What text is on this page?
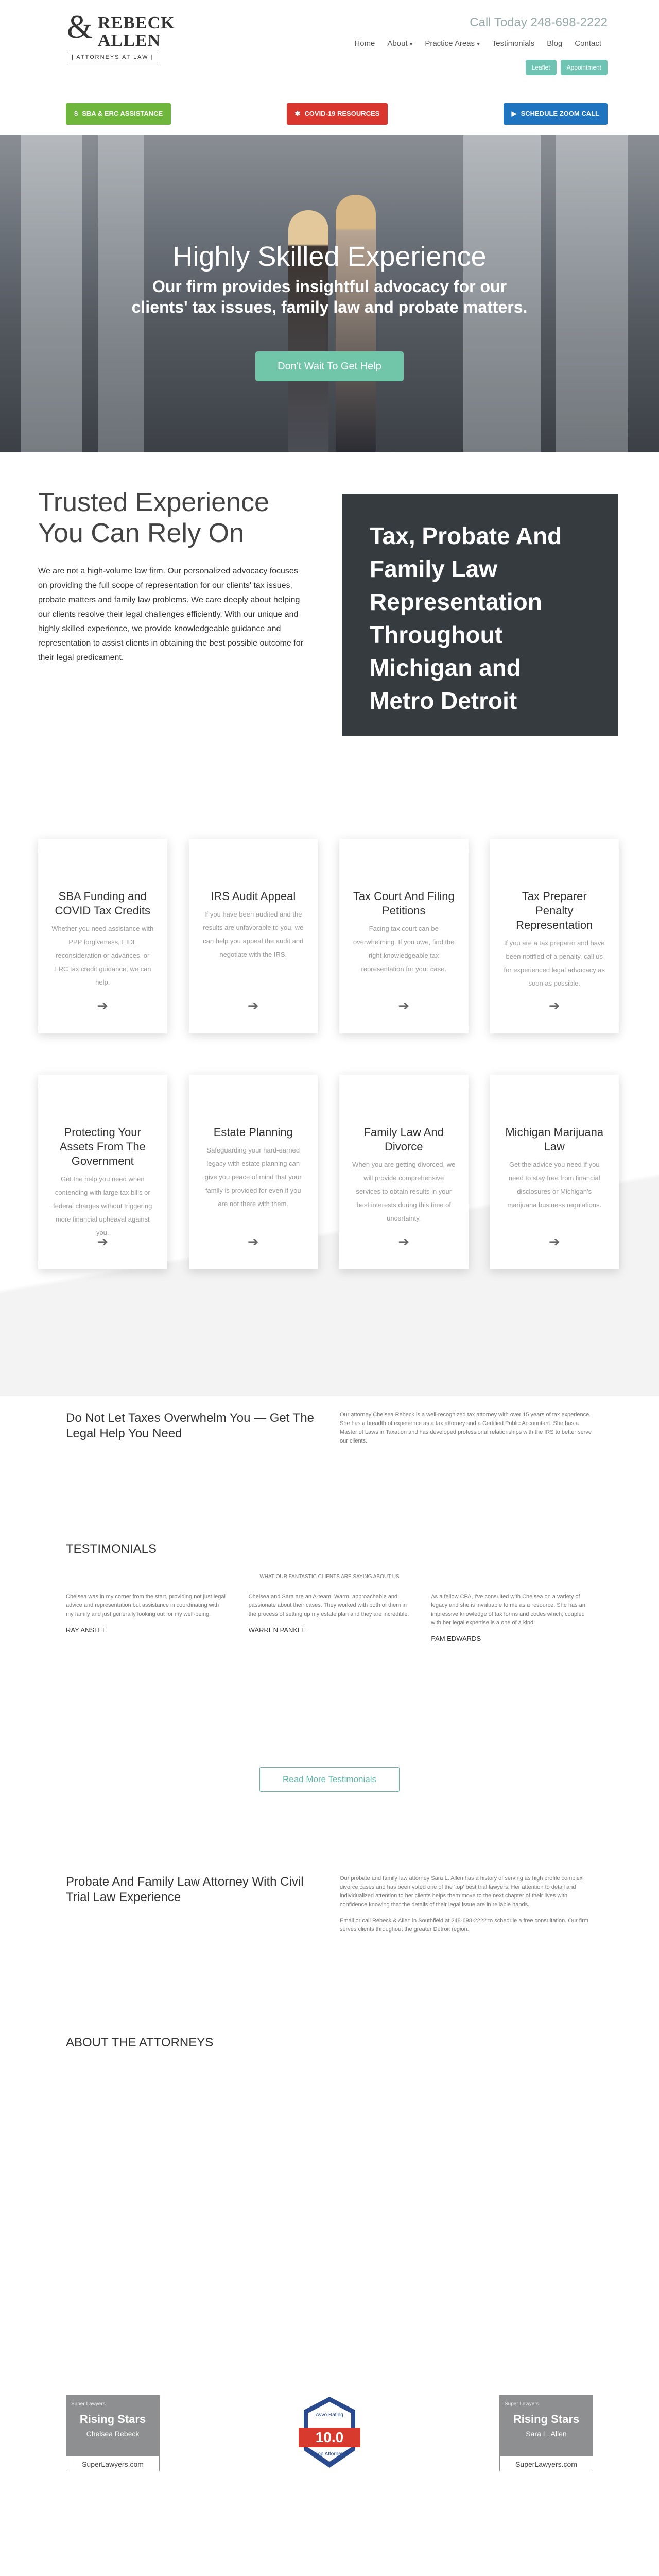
& REBECK
ALLEN
| ATTORNEYS AT LAW |
Call Today 248-698-2222
Home	About ▾	Practice Areas ▾	Testimonials	Blog	Contact
Leaflet	Appointment
$ SBA & ERC ASSISTANCE	✱ COVID-19 RESOURCES	▶ SCHEDULE ZOOM CALL
Highly Skilled Experience
Our firm provides insightful advocacy for our clients' tax issues, family law and probate matters.
Don't Wait To Get Help
Trusted Experience You Can Rely On

We are not a high-volume law firm. Our personalized advocacy focuses on providing the full scope of representation for our clients' tax issues, probate matters and family law problems. We care deeply about helping our clients resolve their legal challenges efficiently. With our unique and highly skilled experience, we provide knowledgeable guidance and representation to assist clients in obtaining the best possible outcome for their legal predicament.

Tax, Probate And Family Law Representation Throughout Michigan and Metro Detroit
SBA Funding and COVID Tax Credits

Whether you need assistance with PPP forgiveness, EIDL reconsideration or advances, or ERC tax credit guidance, we can help.

➔
IRS Audit Appeal

If you have been audited and the results are unfavorable to you, we can help you appeal the audit and negotiate with the IRS.

➔
Tax Court And Filing Petitions

Facing tax court can be overwhelming. If you owe, find the right knowledgeable tax representation for your case.

➔
Tax Preparer Penalty Representation

If you are a tax preparer and have been notified of a penalty, call us for experienced legal advocacy as soon as possible.

➔
Protecting Your Assets From The Government

Get the help you need when contending with large tax bills or federal charges without triggering more financial upheaval against you.

➔
Estate Planning

Safeguarding your hard-earned legacy with estate planning can give you peace of mind that your family is provided for even if you are not there with them.

➔
Family Law And Divorce

When you are getting divorced, we will provide comprehensive services to obtain results in your best interests during this time of uncertainty.

➔
Michigan Marijuana Law

Get the advice you need if you need to stay free from financial disclosures or Michigan's marijuana business regulations.

➔
Do Not Let Taxes Overwhelm You — Get The Legal Help You Need

Our attorney Chelsea Rebeck is a well-recognized tax attorney with over 15 years of tax experience. She has a breadth of experience as a tax attorney and a Certified Public Accountant. She has a Master of Laws in Taxation and has developed professional relationships with the IRS to better serve our clients.

TESTIMONIALS
WHAT OUR FANTASTIC CLIENTS ARE SAYING ABOUT US

Chelsea was in my corner from the start, providing not just legal advice and representation but assistance in coordinating with my family and just generally looking out for my well-being.

RAY ANSLEE

Chelsea and Sara are an A-team! Warm, approachable and passionate about their cases. They worked with both of them in the process of setting up my estate plan and they are incredible.

WARREN PANKEL

As a fellow CPA, I've consulted with Chelsea on a variety of legacy and she is invaluable to me as a resource. She has an impressive knowledge of tax forms and codes which, coupled with her legal expertise is a one of a kind!

PAM EDWARDS
Read More Testimonials
Probate And Family Law Attorney With Civil Trial Law Experience

Our probate and family law attorney Sara L. Allen has a history of serving as high profile complex divorce cases and has been voted one of the 'top' best trial lawyers. Her attention to detail and individualized attention to her clients helps them move to the next chapter of their lives with confidence knowing that the details of their legal issue are in reliable hands.

Email or call Rebeck & Allen in Southfield at 248-698-2222 to schedule a free consultation. Our firm serves clients throughout the greater Detroit region.

ABOUT THE ATTORNEYS
Super Lawyers
Rising Stars
Chelsea Rebeck
SuperLawyers.com
Avvo Rating
10.0
Top Attorney
Super Lawyers
Rising Stars
Sara L. Allen
SuperLawyers.com
